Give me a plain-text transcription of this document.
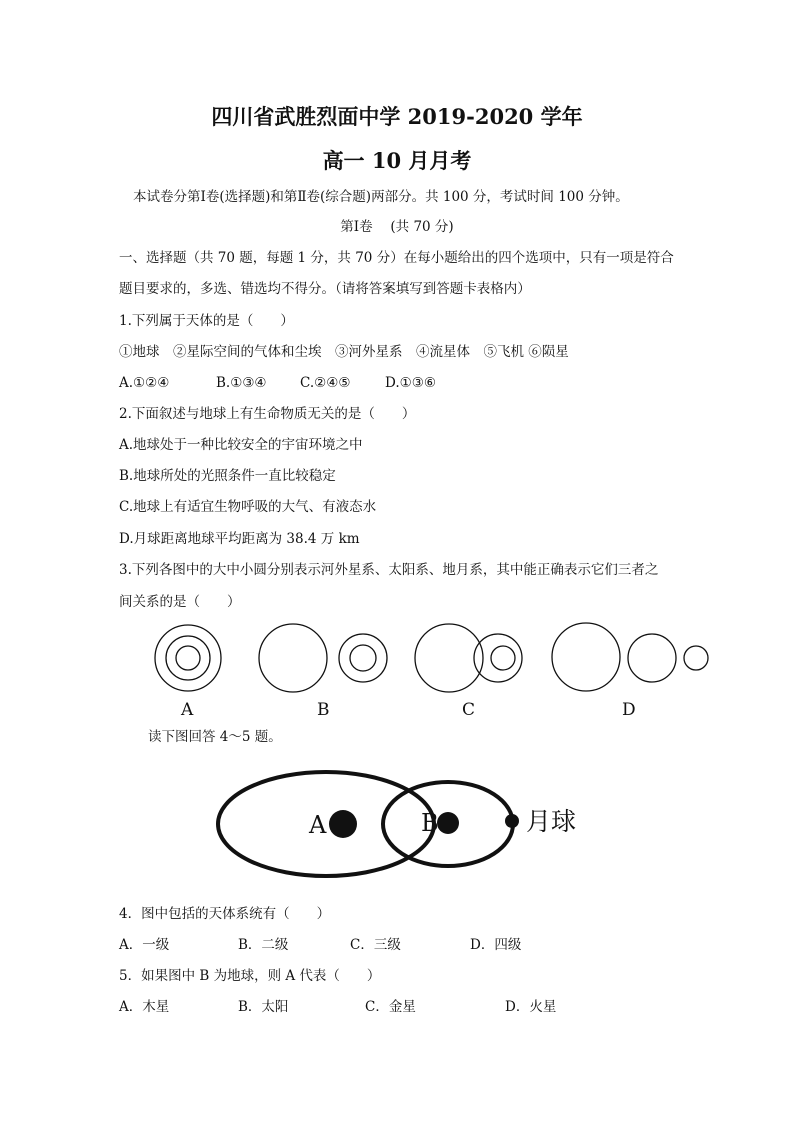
四川省武胜烈面中学 2019-2020 学年
高一 10 月月考
本试卷分第Ⅰ卷(选择题)和第Ⅱ卷(综合题)两部分。共 100 分，考试时间 100 分钟。
第Ⅰ卷　 (共 70 分)
一、选择题（共 70 题，每题 1 分，共 70 分）在每小题给出的四个选项中，只有一项是符合
题目要求的，多选、错选均不得分。（请将答案填写到答题卡表格内）
1.下列属于天体的是（　　）
①地球　②星际空间的气体和尘埃　③河外星系　④流星体　⑤飞机 ⑥陨星
A.①②④	B.①③④ C.②④⑤	D.①③⑥
2.下面叙述与地球上有生命物质无关的是（　　）
A.地球处于一种比较安全的宇宙环境之中
B.地球所处的光照条件一直比较稳定
C.地球上有适宜生物呼吸的大气、有液态水
D.月球距离地球平均距离为 38.4 万 km
3.下列各图中的大中小圆分别表示河外星系、太阳系、地月系，其中能正确表示它们三者之
间关系的是（　　）
A	B	C	D
读下图回答 4～5 题。
A	B	月球
4．图中包括的天体系统有（　　）
A．一级	B．二级	C．三级	D．四级
5．如果图中 B 为地球，则 A 代表（　　）
A．木星	B．太阳	C．金星	D．火星
